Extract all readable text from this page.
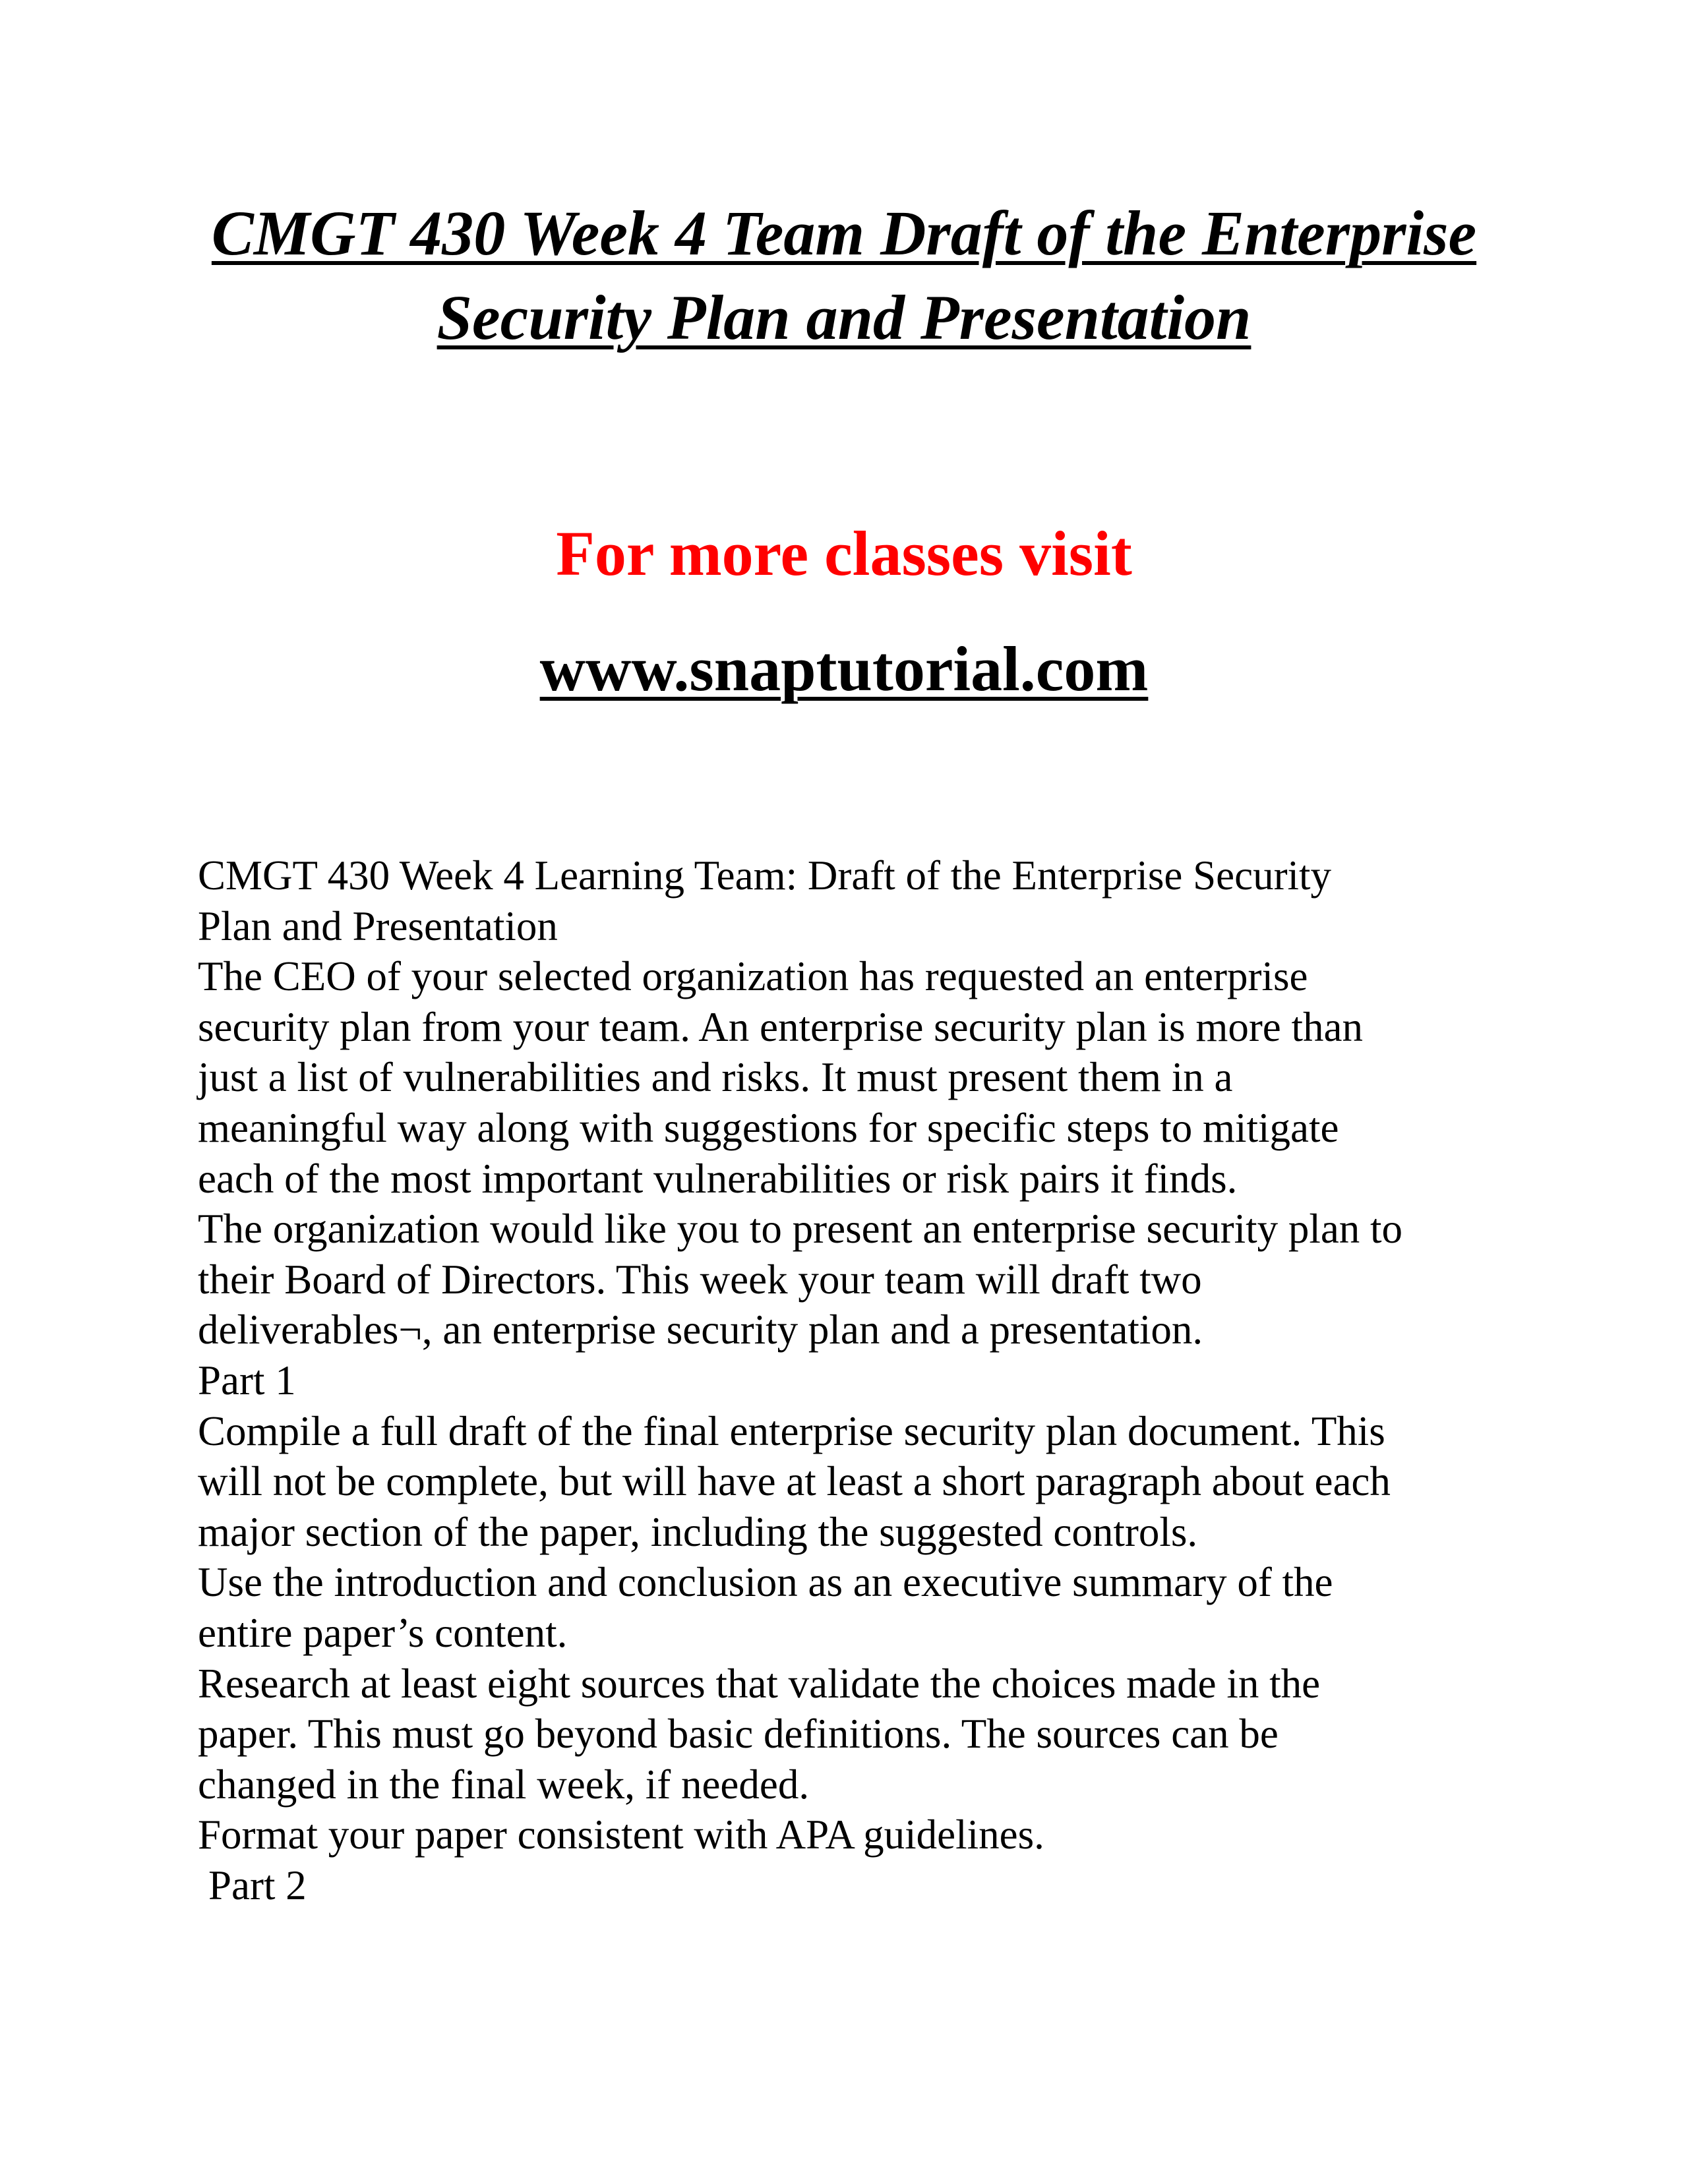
CMGT 430 Week 4 Team Draft of the Enterprise
Security Plan and Presentation

For more classes visit

www.snaptutorial.com

CMGT 430 Week 4 Learning Team: Draft of the Enterprise Security
Plan and Presentation
The CEO of your selected organization has requested an enterprise
security plan from your team. An enterprise security plan is more than
just a list of vulnerabilities and risks. It must present them in a
meaningful way along with suggestions for specific steps to mitigate
each of the most important vulnerabilities or risk pairs it finds.
The organization would like you to present an enterprise security plan to
their Board of Directors. This week your team will draft two
deliverables¬, an enterprise security plan and a presentation.
Part 1
Compile a full draft of the final enterprise security plan document. This
will not be complete, but will have at least a short paragraph about each
major section of the paper, including the suggested controls.
Use the introduction and conclusion as an executive summary of the
entire paper’s content.
Research at least eight sources that validate the choices made in the
paper. This must go beyond basic definitions. The sources can be
changed in the final week, if needed.
Format your paper consistent with APA guidelines.
Part 2
